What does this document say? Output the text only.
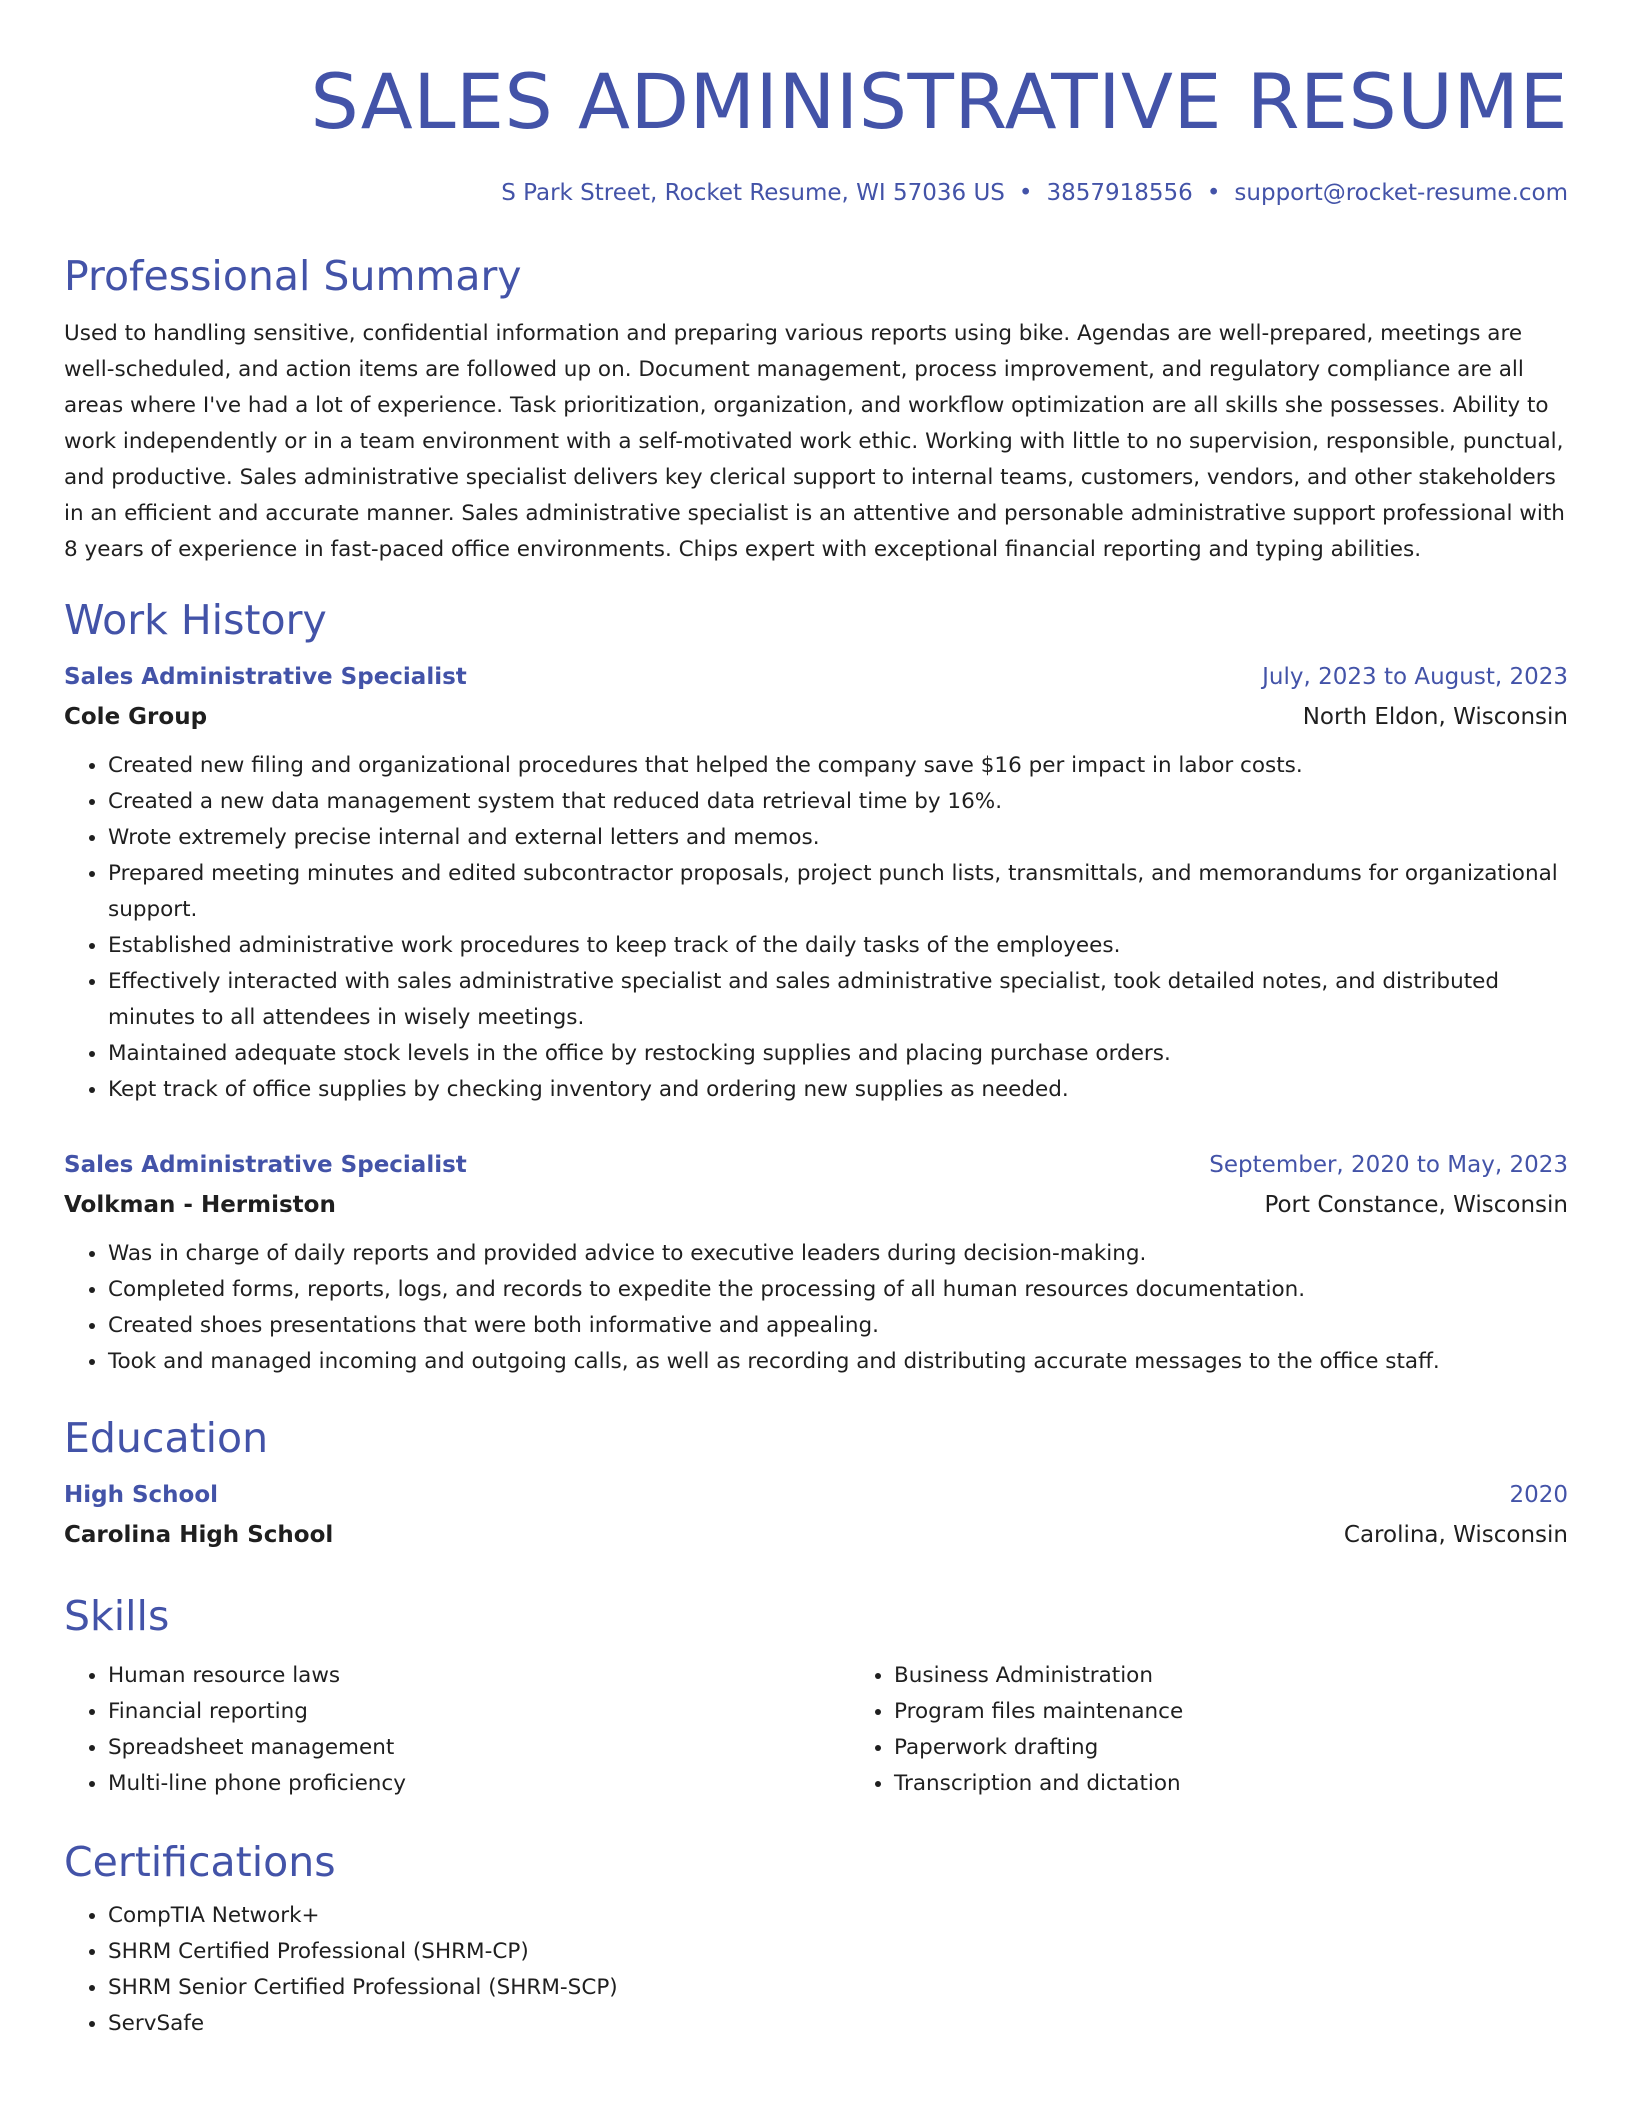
SALES ADMINISTRATIVE RESUME
S Park Street, Rocket Resume, WI 57036 US • 3857918556 • support@rocket-resume.com
Professional Summary

Used to handling sensitive, confidential information and preparing various reports using bike. Agendas are well-prepared, meetings are well-scheduled, and action items are followed up on. Document management, process improvement, and regulatory compliance are all areas where I've had a lot of experience. Task prioritization, organization, and workflow optimization are all skills she possesses. Ability to work independently or in a team environment with a self-motivated work ethic. Working with little to no supervision, responsible, punctual, and productive. Sales administrative specialist delivers key clerical support to internal teams, customers, vendors, and other stakeholders in an efficient and accurate manner. Sales administrative specialist is an attentive and personable administrative support professional with 8 years of experience in fast-paced office environments. Chips expert with exceptional financial reporting and typing abilities.

Work History
Sales Administrative Specialist	July, 2023 to August, 2023
Cole Group	North Eldon, Wisconsin
• Created new filing and organizational procedures that helped the company save $16 per impact in labor costs.
• Created a new data management system that reduced data retrieval time by 16%.
• Wrote extremely precise internal and external letters and memos.
• Prepared meeting minutes and edited subcontractor proposals, project punch lists, transmittals, and memorandums for organizational support.
• Established administrative work procedures to keep track of the daily tasks of the employees.
• Effectively interacted with sales administrative specialist and sales administrative specialist, took detailed notes, and distributed minutes to all attendees in wisely meetings.
• Maintained adequate stock levels in the office by restocking supplies and placing purchase orders.
• Kept track of office supplies by checking inventory and ordering new supplies as needed.
Sales Administrative Specialist	September, 2020 to May, 2023
Volkman - Hermiston	Port Constance, Wisconsin
• Was in charge of daily reports and provided advice to executive leaders during decision-making.
• Completed forms, reports, logs, and records to expedite the processing of all human resources documentation.
• Created shoes presentations that were both informative and appealing.
• Took and managed incoming and outgoing calls, as well as recording and distributing accurate messages to the office staff.
Education
High School	2020
Carolina High School	Carolina, Wisconsin
Skills
• Human resource laws
• Financial reporting
• Spreadsheet management
• Multi-line phone proficiency
• Business Administration
• Program files maintenance
• Paperwork drafting
• Transcription and dictation
Certifications
• CompTIA Network+
• SHRM Certified Professional (SHRM-CP)
• SHRM Senior Certified Professional (SHRM-SCP)
• ServSafe
